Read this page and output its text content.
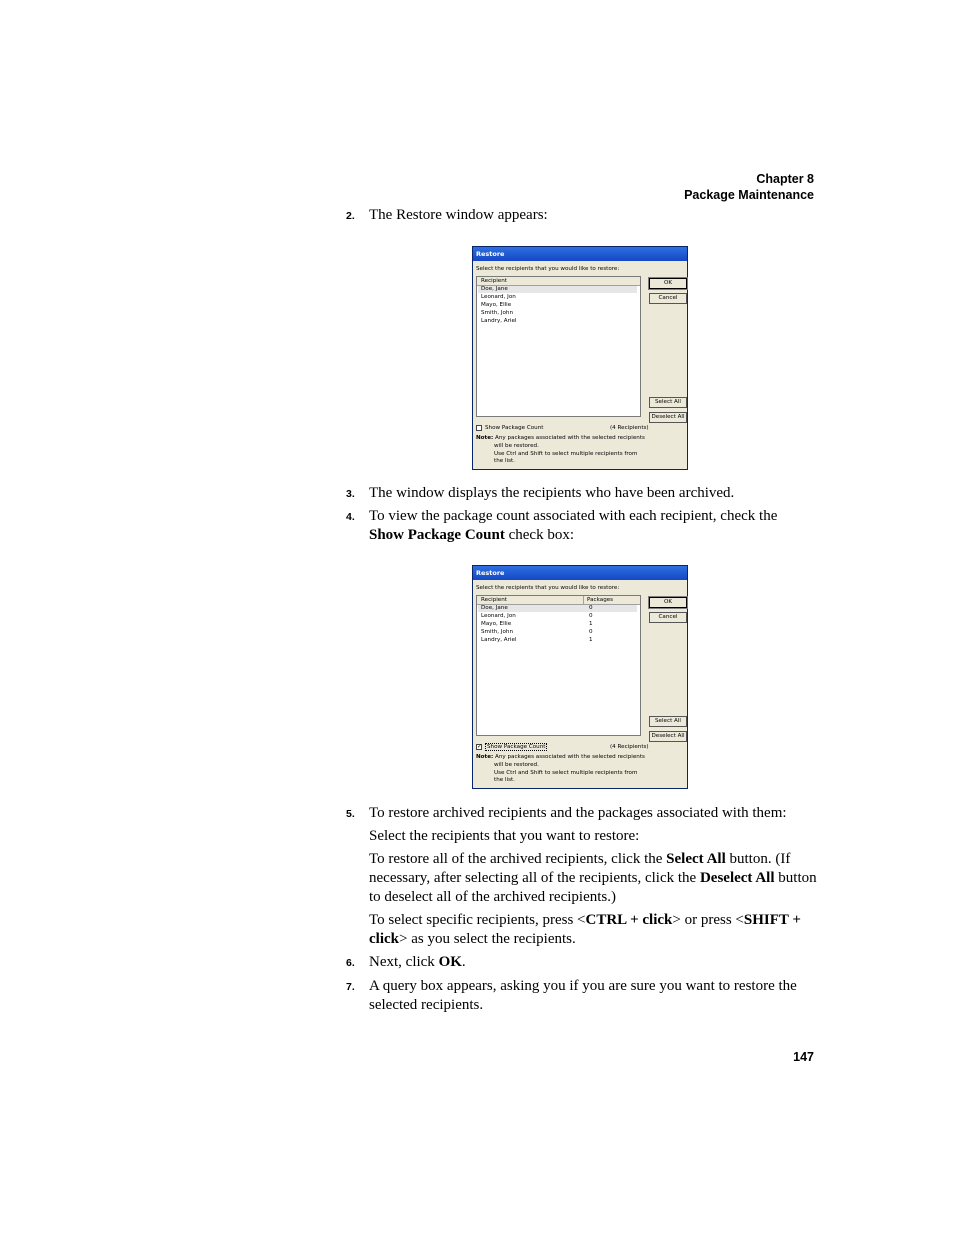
Chapter 8
Package Maintenance
2. The Restore window appears:
Restore
Select the recipients that you would like to restore:
Recipient
Doe, Jane
Leonard, Jon
Mayo, Ellie
Smith, John
Landry, Ariel
OK
Cancel
Select All
Deselect All
Show Package Count	(4 Recipients)
Note: Any packages associated with the selected recipients
will be restored.
Use Ctrl and Shift to select multiple recipients from the list.
3. The window displays the recipients who have been archived.
4. To view the package count associated with each recipient, check the Show Package Count check box:
Restore
Select the recipients that you would like to restore:
Recipient	Packages
Doe, Jane	0
Leonard, Jon	0
Mayo, Ellie	1
Smith, John	0
Landry, Ariel	1
OK
Cancel
Select All
Deselect All
✓ Show Package Count	(4 Recipients)
Note: Any packages associated with the selected recipients
will be restored.
Use Ctrl and Shift to select multiple recipients from the list.
5. To restore archived recipients and the packages associated with them:
Select the recipients that you want to restore:
To restore all of the archived recipients, click the Select All button. (If necessary, after selecting all of the recipients, click the Deselect All button to deselect all of the archived recipients.)
To select specific recipients, press <CTRL + click> or press <SHIFT + click> as you select the recipients.
6. Next, click OK.
7. A query box appears, asking you if you are sure you want to restore the selected recipients.
147
